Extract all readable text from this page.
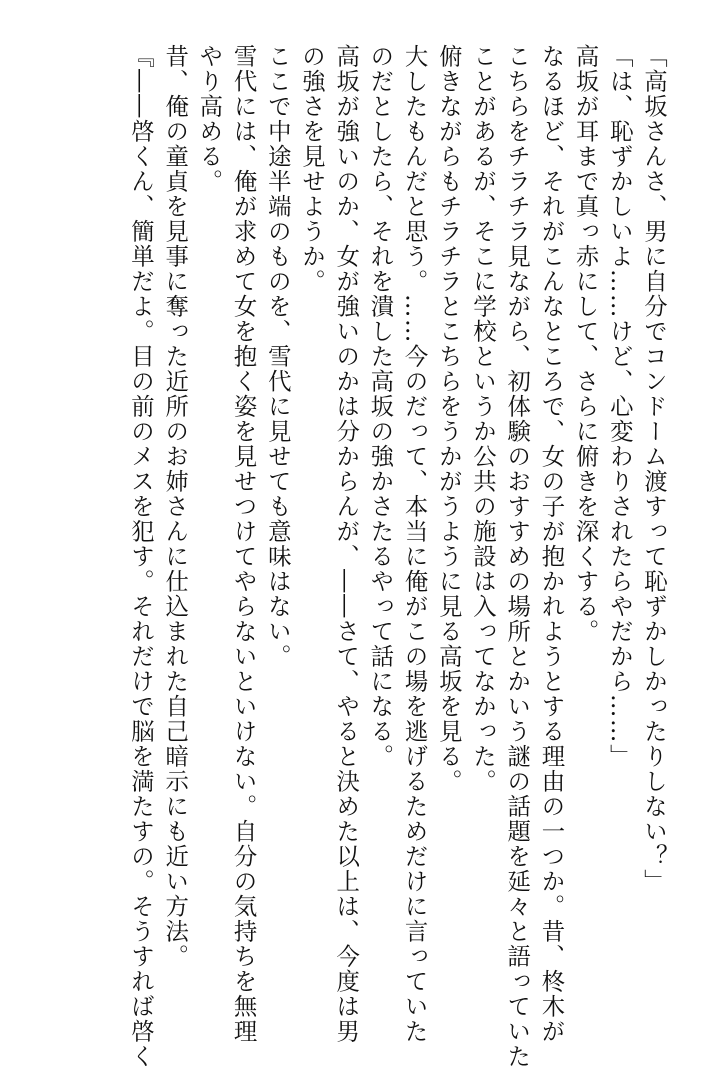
「高坂さんさ、男に自分でコンドーム渡すって恥ずかしかったりしない？」

「は、恥ずかしいよ……けど、心変わりされたらやだから……」

高坂が耳まで真っ赤にして、さらに俯きを深くする。

なるほど、それがこんなところで、女の子が抱かれようとする理由の一つか。昔、柊木が

こちらをチラチラ見ながら、初体験のおすすめの場所とかいう謎の話題を延々と語っていた

ことがあるが、そこに学校というか公共の施設は入ってなかった。

俯きながらもチラチラとこちらをうかがうように見る高坂を見る。

大したもんだと思う。……今のだって、本当に俺がこの場を逃げるためだけに言っていた

のだとしたら、それを潰した高坂の強かさたるやって話になる。

高坂が強いのか、女が強いのかは分からんが、――さて、やると決めた以上は、今度は男

の強さを見せようか。

ここで中途半端のものを、雪代に見せても意味はない。

雪代には、俺が求めて女を抱く姿を見せつけてやらないといけない。自分の気持ちを無理

やり高める。

昔、俺の童貞を見事に奪った近所のお姉さんに仕込まれた自己暗示にも近い方法。

『――啓くん、簡単だよ。目の前のメスを犯す。それだけで脳を満たすの。そうすれば啓く
